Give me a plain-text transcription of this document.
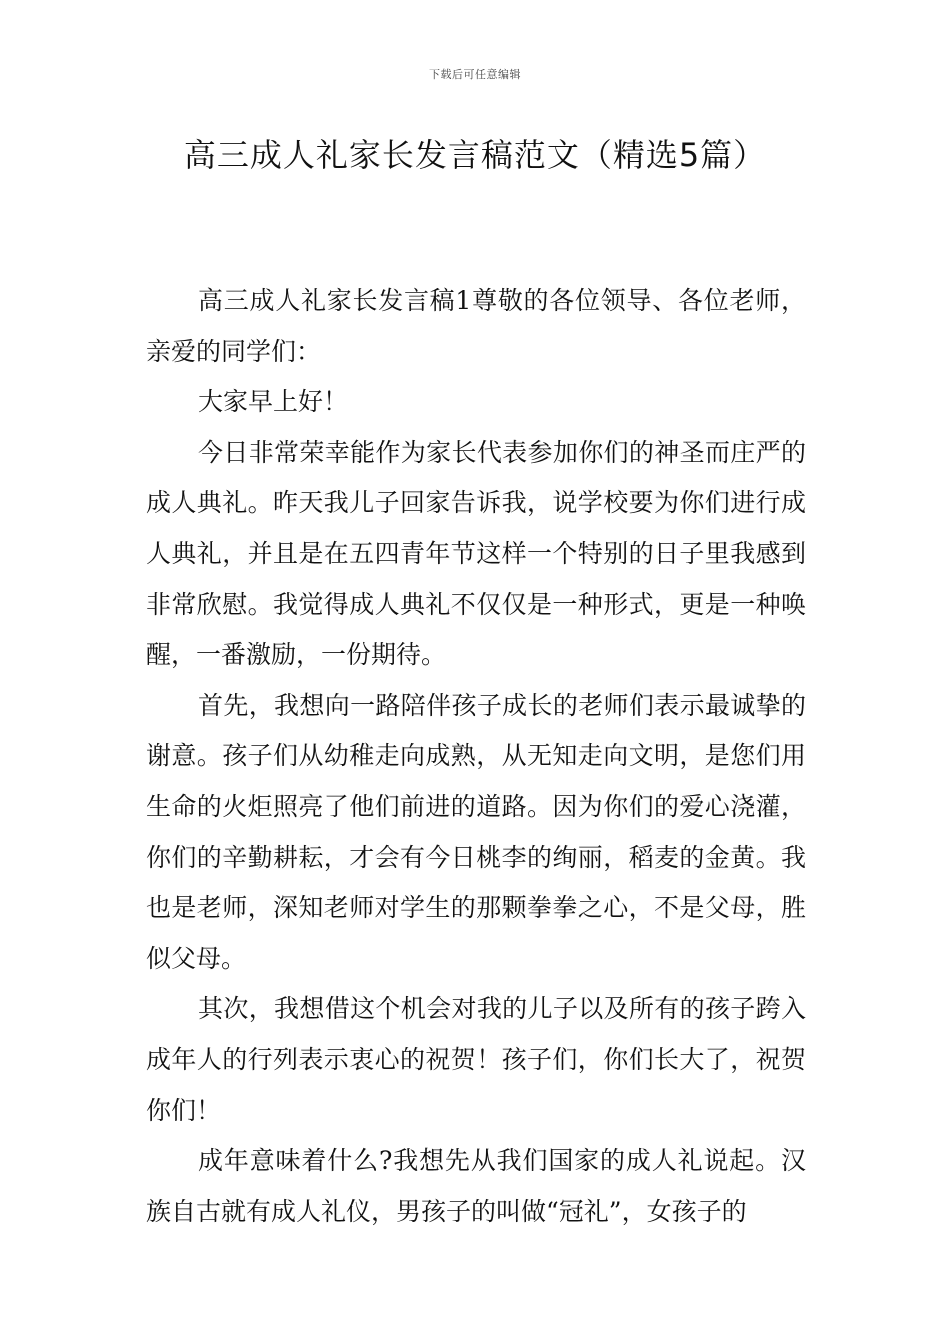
下载后可任意编辑
高三成人礼家长发言稿范文（精选5篇）

高三成人礼家长发言稿1尊敬的各位领导、各位老师，亲爱的同学们：

大家早上好！

今日非常荣幸能作为家长代表参加你们的神圣而庄严的成人典礼。昨天我儿子回家告诉我，说学校要为你们进行成人典礼，并且是在五四青年节这样一个特别的日子里我感到非常欣慰。我觉得成人典礼不仅仅是一种形式，更是一种唤醒，一番激励，一份期待。

首先，我想向一路陪伴孩子成长的老师们表示最诚挚的谢意。孩子们从幼稚走向成熟，从无知走向文明，是您们用生命的火炬照亮了他们前进的道路。因为你们的爱心浇灌，你们的辛勤耕耘，才会有今日桃李的绚丽，稻麦的金黄。我也是老师，深知老师对学生的那颗拳拳之心，不是父母，胜似父母。

其次，我想借这个机会对我的儿子以及所有的孩子跨入成年人的行列表示衷心的祝贺！孩子们，你们长大了，祝贺你们！

成年意味着什么?我想先从我们国家的成人礼说起。汉族自古就有成人礼仪，男孩子的叫做“冠礼”，女孩子的
